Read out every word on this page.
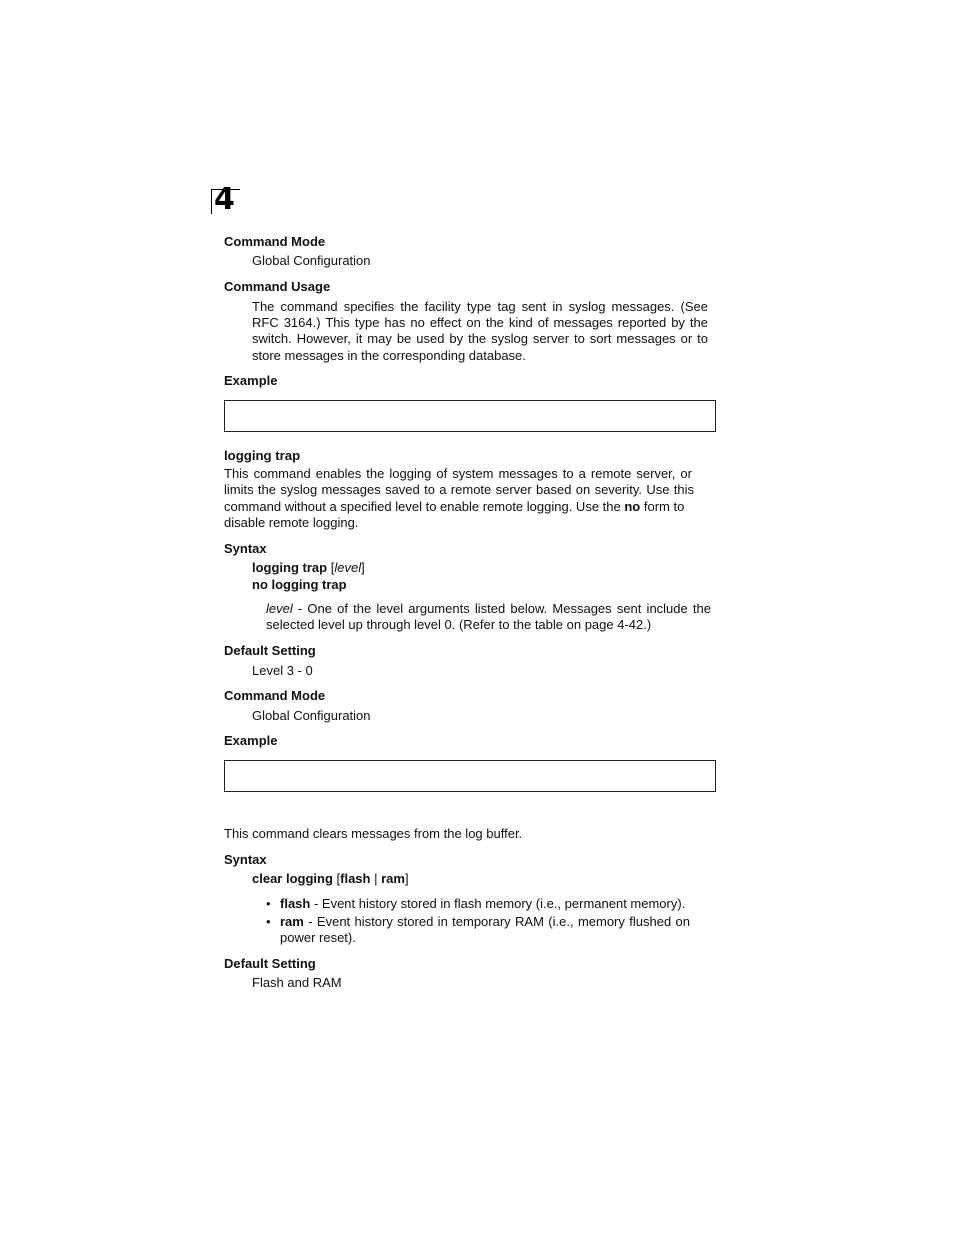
4
Command Mode
Global Configuration
Command Usage
The command specifies the facility type tag sent in syslog messages. (See
RFC 3164.) This type has no effect on the kind of messages reported by the
switch. However, it may be used by the syslog server to sort messages or to
store messages in the corresponding database.
Example
logging trap
This command enables the logging of system messages to a remote server, or
limits the syslog messages saved to a remote server based on severity. Use this
command without a specified level to enable remote logging. Use the no form to
disable remote logging.
Syntax
logging trap [level]
no logging trap
level - One of the level arguments listed below. Messages sent include the
selected level up through level 0. (Refer to the table on page 4-42.)
Default Setting
Level 3 - 0
Command Mode
Global Configuration
Example
This command clears messages from the log buffer.
Syntax
clear logging [flash | ram]
• flash - Event history stored in flash memory (i.e., permanent memory).
• ram - Event history stored in temporary RAM (i.e., memory flushed on
power reset).
Default Setting
Flash and RAM
